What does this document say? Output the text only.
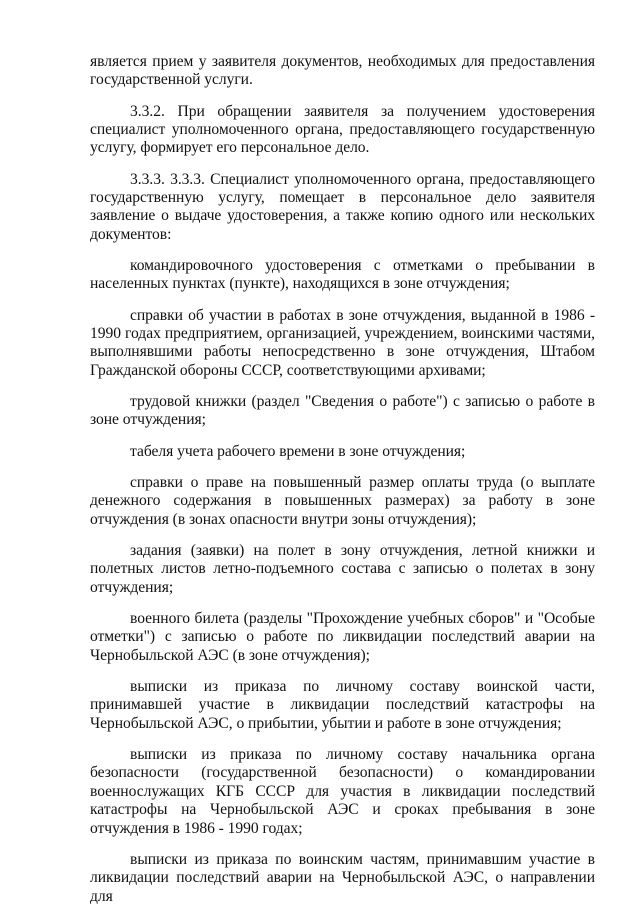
является прием у заявителя документов, необходимых для предоставления государственной услуги.

3.3.2. При обращении заявителя за получением удостоверения специалист уполномоченного органа, предоставляющего государственную услугу, формирует его персональное дело.

3.3.3. 3.3.3. Специалист уполномоченного органа, предоставляющего государственную услугу, помещает в персональное дело заявителя заявление о выдаче удостоверения, а также копию одного или нескольких документов:

командировочного удостоверения с отметками о пребывании в населенных пунктах (пункте), находящихся в зоне отчуждения;

справки об участии в работах в зоне отчуждения, выданной в 1986 - 1990 годах предприятием, организацией, учреждением, воинскими частями, выполнявшими работы непосредственно в зоне отчуждения, Штабом Гражданской обороны СССР, соответствующими архивами;

трудовой книжки (раздел "Сведения о работе") с записью о работе в зоне отчуждения;

табеля учета рабочего времени в зоне отчуждения;

справки о праве на повышенный размер оплаты труда (о выплате денежного содержания в повышенных размерах) за работу в зоне отчуждения (в зонах опасности внутри зоны отчуждения);

задания (заявки) на полет в зону отчуждения, летной книжки и полетных листов летно-подъемного состава с записью о полетах в зону отчуждения;

военного билета (разделы "Прохождение учебных сборов" и "Особые отметки") с записью о работе по ликвидации последствий аварии на Чернобыльской АЭС (в зоне отчуждения);

выписки из приказа по личному составу воинской части, принимавшей участие в ликвидации последствий катастрофы на Чернобыльской АЭС, о прибытии, убытии и работе в зоне отчуждения;

выписки из приказа по личному составу начальника органа безопасности (государственной безопасности) о командировании военнослужащих КГБ СССР для участия в ликвидации последствий катастрофы на Чернобыльской АЭС и сроках пребывания в зоне отчуждения в 1986 - 1990 годах;

выписки из приказа по воинским частям, принимавшим участие в ликвидации последствий аварии на Чернобыльской АЭС, о направлении для
